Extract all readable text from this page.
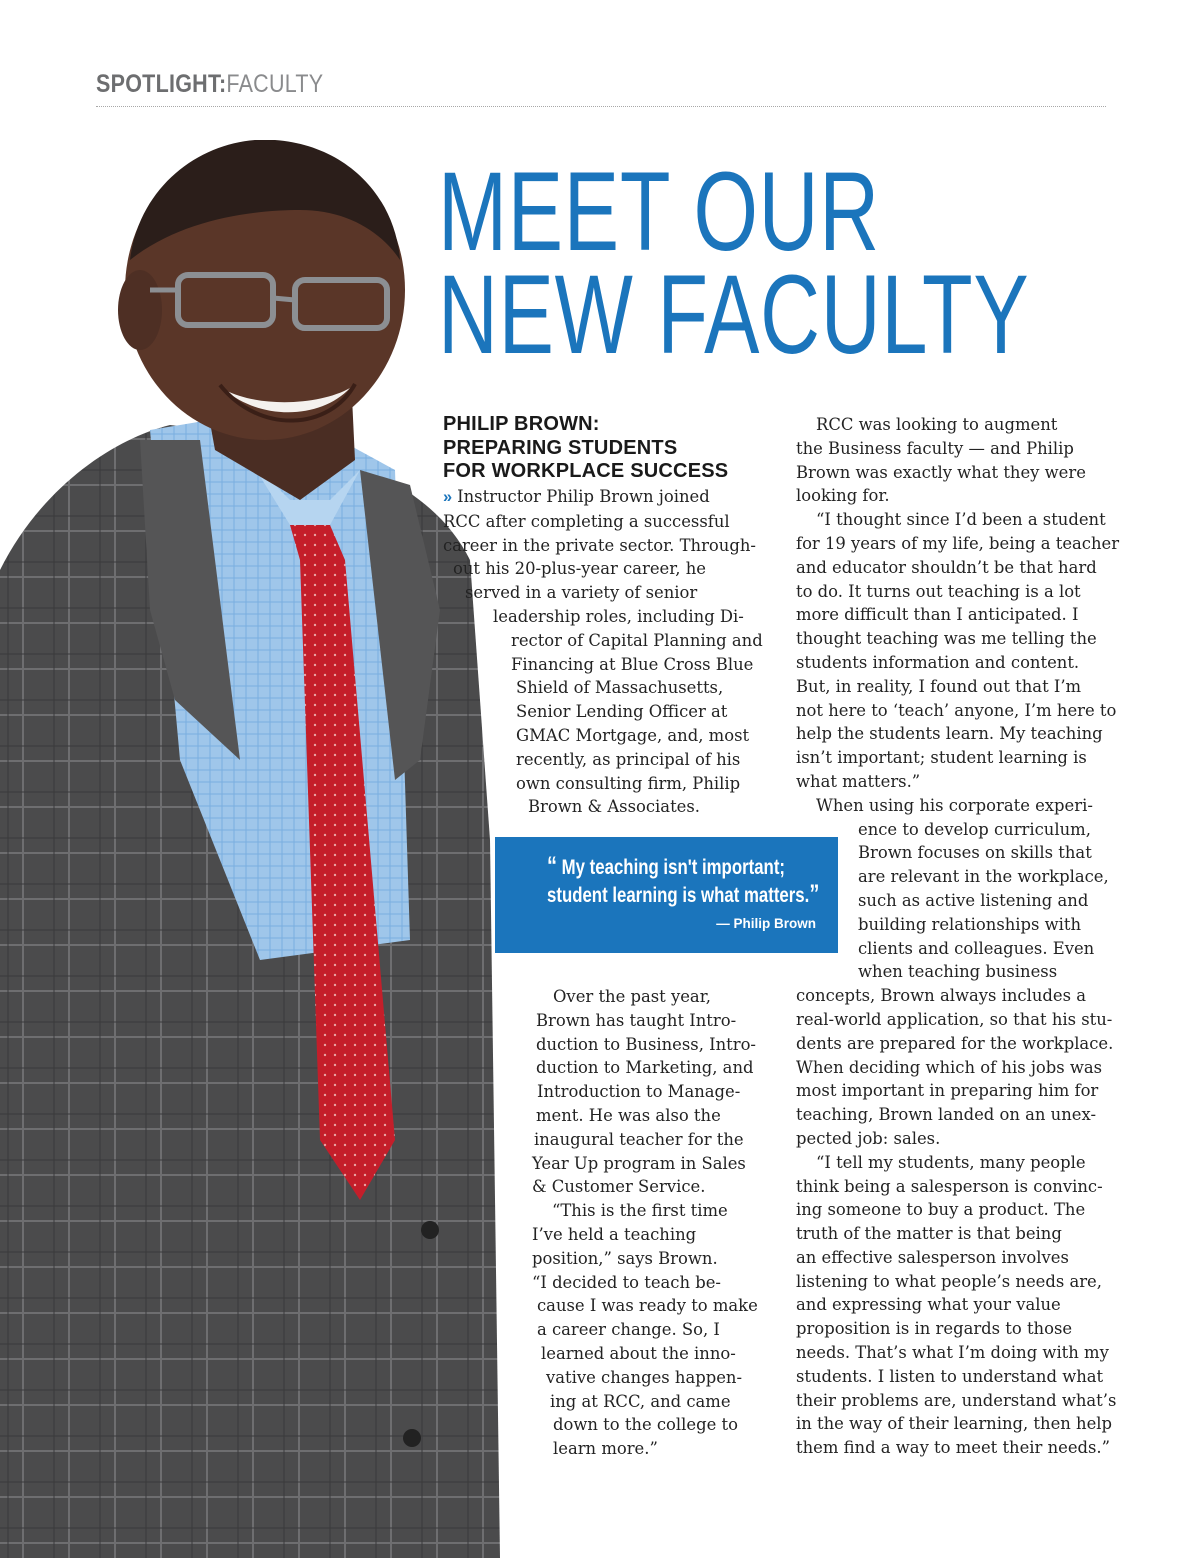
SPOTLIGHT:FACULTY
MEET OUR
NEW FACULTY
PHILIP BROWN:
PREPARING STUDENTS
FOR WORKPLACE SUCCESS
» Instructor Philip Brown joined
RCC after completing a successful
career in the private sector. Through-
out his 20-plus-year career, he
served in a variety of senior
leadership roles, including Di-
rector of Capital Planning and
Financing at Blue Cross Blue
Shield of Massachusetts,
Senior Lending Officer at
GMAC Mortgage, and, most
recently, as principal of his
own consulting firm, Philip
Brown & Associates.
Over the past year,
Brown has taught Intro-
duction to Business, Intro-
duction to Marketing, and
Introduction to Manage-
ment. He was also the
inaugural teacher for the
Year Up program in Sales
& Customer Service.
“This is the first time
I’ve held a teaching
position,” says Brown.
“I decided to teach be-
cause I was ready to make
a career change. So, I
learned about the inno-
vative changes happen-
ing at RCC, and came
down to the college to
learn more.”
RCC was looking to augment
the Business faculty — and Philip
Brown was exactly what they were
looking for.
“I thought since I’d been a student
for 19 years of my life, being a teacher
and educator shouldn’t be that hard
to do. It turns out teaching is a lot
more difficult than I anticipated. I
thought teaching was me telling the
students information and content.
But, in reality, I found out that I’m
not here to ‘teach’ anyone, I’m here to
help the students learn. My teaching
isn’t important; student learning is
what matters.”
When using his corporate experi-
ence to develop curriculum,
Brown focuses on skills that
are relevant in the workplace,
such as active listening and
building relationships with
clients and colleagues. Even
when teaching business
concepts, Brown always includes a
real-world application, so that his stu-
dents are prepared for the workplace.
When deciding which of his jobs was
most important in preparing him for
teaching, Brown landed on an unex-
pected job: sales.
“I tell my students, many people
think being a salesperson is convinc-
ing someone to buy a product. The
truth of the matter is that being
an effective salesperson involves
listening to what people’s needs are,
and expressing what your value
proposition is in regards to those
needs. That’s what I’m doing with my
students. I listen to understand what
their problems are, understand what’s
in the way of their learning, then help
them find a way to meet their needs.”
“ My teaching isn't important;
student learning is what matters.”
— Philip Brown
